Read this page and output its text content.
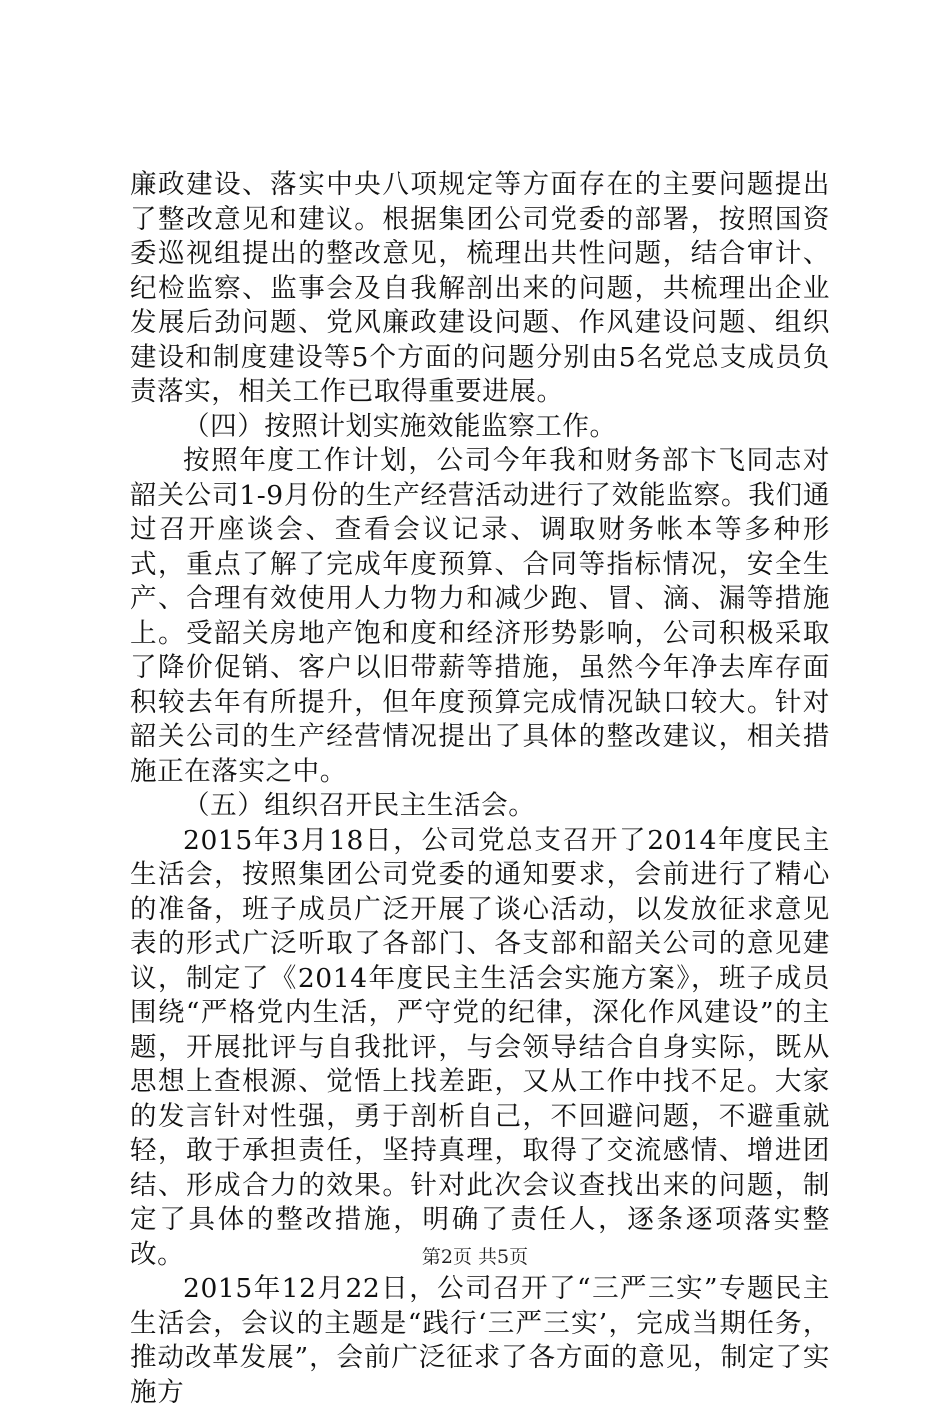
廉政建设、落实中央八项规定等方面存在的主要问题提出了整改意见和建议。根据集团公司党委的部署，按照国资委巡视组提出的整改意见，梳理出共性问题，结合审计、纪检监察、监事会及自我解剖出来的问题，共梳理出企业发展后劲问题、党风廉政建设问题、作风建设问题、组织建设和制度建设等5个方面的问题分别由5名党总支成员负责落实，相关工作已取得重要进展。

（四）按照计划实施效能监察工作。

按照年度工作计划，公司今年我和财务部卞飞同志对韶关公司1-9月份的生产经营活动进行了效能监察。我们通过召开座谈会、查看会议记录、调取财务帐本等多种形式，重点了解了完成年度预算、合同等指标情况，安全生产、合理有效使用人力物力和减少跑、冒、滴、漏等措施上。受韶关房地产饱和度和经济形势影响，公司积极采取了降价促销、客户以旧带薪等措施，虽然今年净去库存面积较去年有所提升，但年度预算完成情况缺口较大。针对韶关公司的生产经营情况提出了具体的整改建议，相关措施正在落实之中。

（五）组织召开民主生活会。

2015年3月18日，公司党总支召开了2014年度民主生活会，按照集团公司党委的通知要求，会前进行了精心的准备，班子成员广泛开展了谈心活动，以发放征求意见表的形式广泛听取了各部门、各支部和韶关公司的意见建议，制定了《2014年度民主生活会实施方案》，班子成员围绕“严格党内生活，严守党的纪律，深化作风建设”的主题，开展批评与自我批评，与会领导结合自身实际，既从思想上查根源、觉悟上找差距，又从工作中找不足。大家的发言针对性强，勇于剖析自己，不回避问题，不避重就轻，敢于承担责任，坚持真理，取得了交流感情、增进团结、形成合力的效果。针对此次会议查找出来的问题，制定了具体的整改措施，明确了责任人，逐条逐项落实整改。

2015年12月22日，公司召开了“三严三实”专题民主生活会，会议的主题是“践行‘三严三实’，完成当期任务，推动改革发展”，会前广泛征求了各方面的意见，制定了实施方

第2页 共5页
